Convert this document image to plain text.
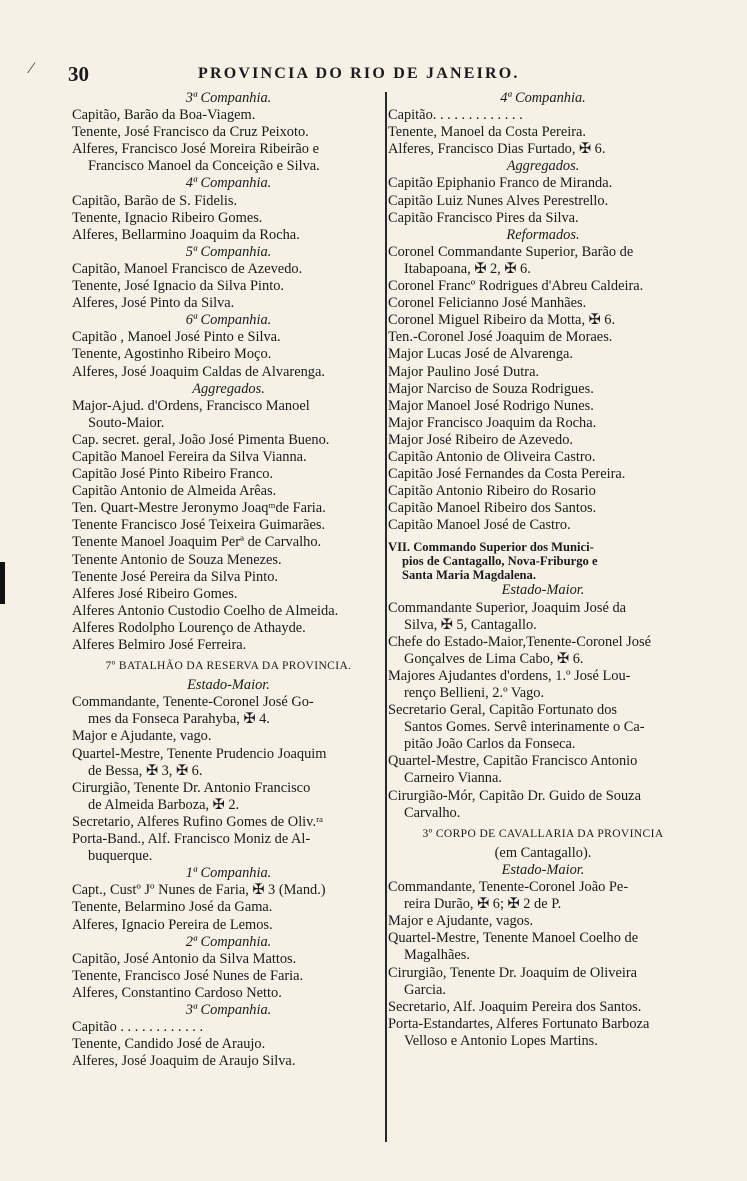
⁄ 30	PROVINCIA DO RIO DE JANEIRO.
3ª Companhia.
Capitão, Barão da Boa-Viagem.
Tenente, José Francisco da Cruz Peixoto.
Alferes, Francisco José Moreira Ribeirão e
Francisco Manoel da Conceição e Silva.
4ª Companhia.
Capitão, Barão de S. Fidelis.
Tenente, Ignacio Ribeiro Gomes.
Alferes, Bellarmino Joaquim da Rocha.
5ª Companhia.
Capitão, Manoel Francisco de Azevedo.
Tenente, José Ignacio da Silva Pinto.
Alferes, José Pinto da Silva.
6ª Companhia.
Capitão , Manoel José Pinto e Silva.
Tenente, Agostinho Ribeiro Moço.
Alferes, José Joaquim Caldas de Alvarenga.
Aggregados.
Major-Ajud. d'Ordens, Francisco Manoel
Souto-Maior.
Cap. secret. geral, João José Pimenta Bueno.
Capitão Manoel Fereira da Silva Vianna.
Capitão José Pinto Ribeiro Franco.
Capitão Antonio de Almeida Arêas.
Ten. Quart-Mestre Jeronymo Joaqᵐde Faria.
Tenente Francisco José Teixeira Guimarães.
Tenente Manoel Joaquim Perª de Carvalho.
Tenente Antonio de Souza Menezes.
Tenente José Pereira da Silva Pinto.
Alferes José Ribeiro Gomes.
Alferes Antonio Custodio Coelho de Almeida.
Alferes Rodolpho Lourenço de Athayde.
Alferes Belmiro José Ferreira.
7º BATALHÃO DA RESERVA DA PROVINCIA.
Estado-Maior.
Commandante, Tenente-Coronel José Go-
mes da Fonseca Parahyba, ✠ 4.
Major e Ajudante, vago.
Quartel-Mestre, Tenente Prudencio Joaquim
de Bessa, ✠ 3, ✠ 6.
Cirurgião, Tenente Dr. Antonio Francisco
de Almeida Barboza, ✠ 2.
Secretario, Alferes Rufino Gomes de Oliv.ʳᵃ
Porta-Band., Alf. Francisco Moniz de Al-
buquerque.
1ª Companhia.
Capt., Custº Jº Nunes de Faria, ✠ 3 (Mand.)
Tenente, Belarmino José da Gama.
Alferes, Ignacio Pereira de Lemos.
2ª Companhia.
Capitão, José Antonio da Silva Mattos.
Tenente, Francisco José Nunes de Faria.
Alferes, Constantino Cardoso Netto.
3ª Companhia.
Capitão . . . . . . . . . . . .
Tenente, Candido José de Araujo.
Alferes, José Joaquim de Araujo Silva.
4ª Companhia.
Capitão. . . . . . . . . . . . .
Tenente, Manoel da Costa Pereira.
Alferes, Francisco Dias Furtado, ✠ 6.
Aggregados.
Capitão Epiphanio Franco de Miranda.
Capitão Luiz Nunes Alves Perestrello.
Capitão Francisco Pires da Silva.
Reformados.
Coronel Commandante Superior, Barão de
Itabapoana, ✠ 2, ✠ 6.
Coronel Francº Rodrigues d'Abreu Caldeira.
Coronel Felicianno José Manhães.
Coronel Miguel Ribeiro da Motta, ✠ 6.
Ten.-Coronel José Joaquim de Moraes.
Major Lucas José de Alvarenga.
Major Paulino José Dutra.
Major Narciso de Souza Rodrigues.
Major Manoel José Rodrigo Nunes.
Major Francisco Joaquim da Rocha.
Major José Ribeiro de Azevedo.
Capitão Antonio de Oliveira Castro.
Capitão José Fernandes da Costa Pereira.
Capitão Antonio Ribeiro do Rosario
Capitão Manoel Ribeiro dos Santos.
Capitão Manoel José de Castro.
VII. Commando Superior dos Munici-
pios de Cantagallo, Nova-Friburgo e
Santa Maria Magdalena.
Estado-Maior.
Commandante Superior, Joaquim José da
Silva, ✠ 5, Cantagallo.
Chefe do Estado-Maior,Tenente-Coronel José
Gonçalves de Lima Cabo, ✠ 6.
Majores Ajudantes d'ordens, 1.º José Lou-
renço Bellieni, 2.º Vago.
Secretario Geral, Capitão Fortunato dos
Santos Gomes. Servê interinamente o Ca-
pitão João Carlos da Fonseca.
Quartel-Mestre, Capitão Francisco Antonio
Carneiro Vianna.
Cirurgião-Mór, Capitão Dr. Guido de Souza
Carvalho.
3º CORPO DE CAVALLARIA DA PROVINCIA
(em Cantagallo).
Estado-Maior.
Commandante, Tenente-Coronel João Pe-
reira Durão, ✠ 6; ✠ 2 de P.
Major e Ajudante, vagos.
Quartel-Mestre, Tenente Manoel Coelho de
Magalhães.
Cirurgião, Tenente Dr. Joaquim de Oliveira
Garcia.
Secretario, Alf. Joaquim Pereira dos Santos.
Porta-Estandartes, Alferes Fortunato Barboza
Velloso e Antonio Lopes Martins.
